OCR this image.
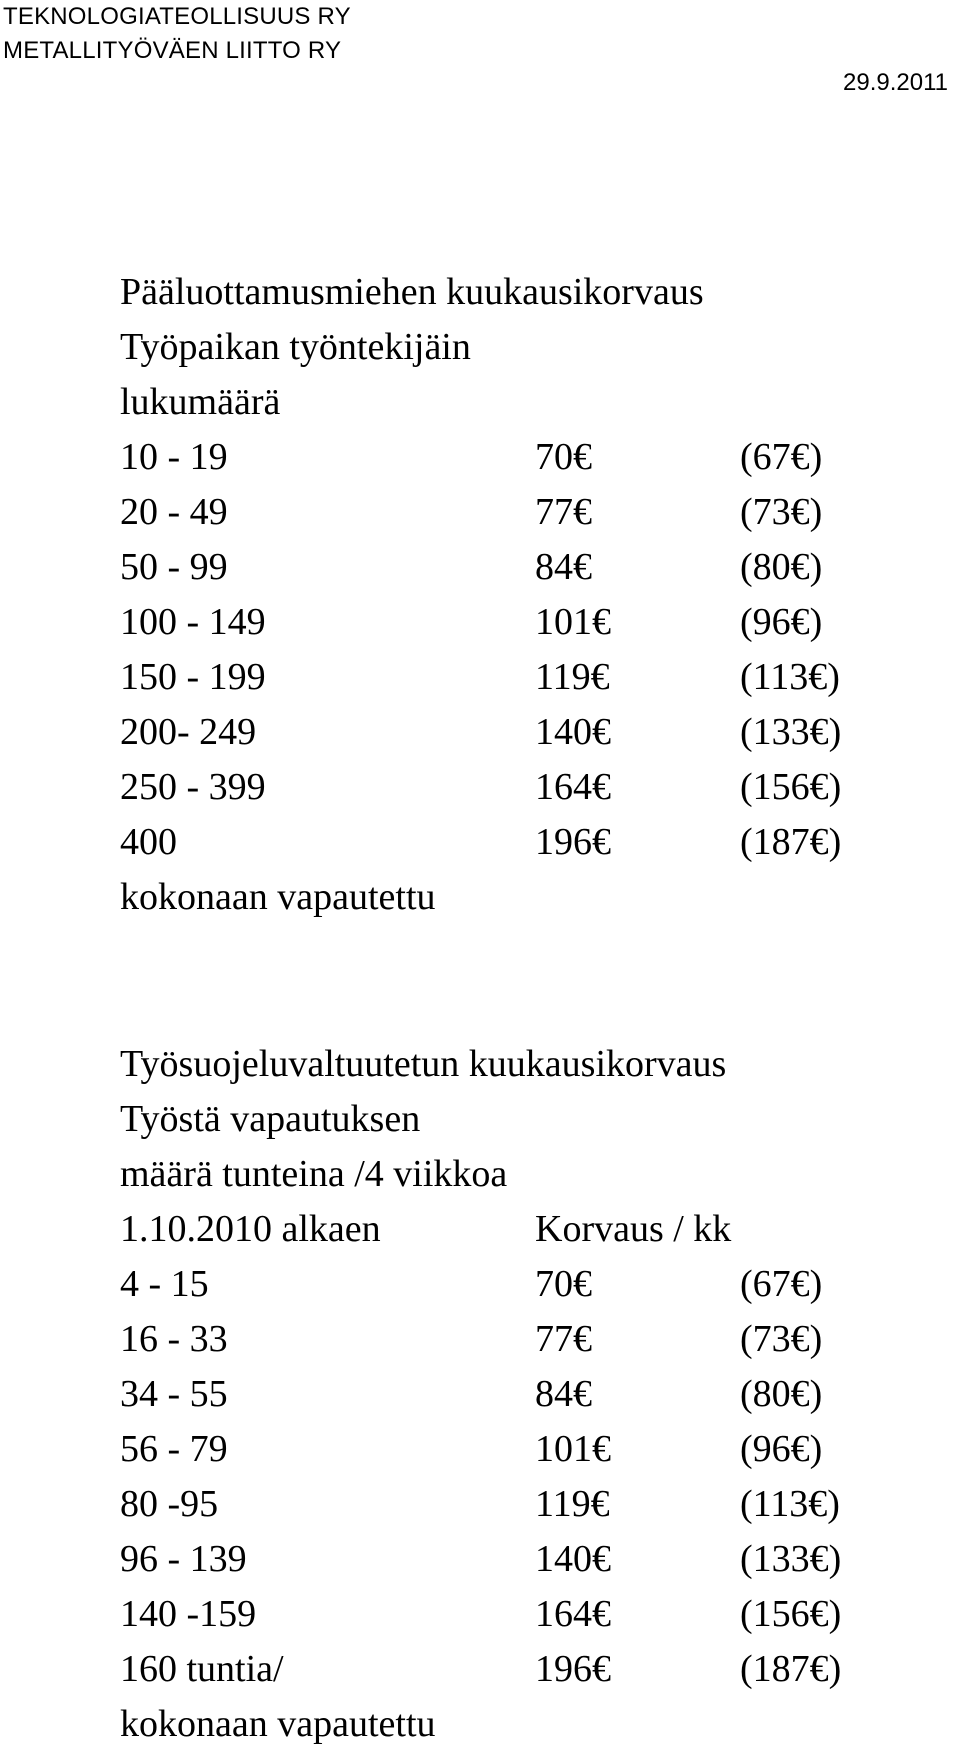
TEKNOLOGIATEOLLISUUS RY
METALLITYÖVÄEN LIITTO RY
29.9.2011
Pääluottamusmiehen kuukausikorvaus
Työpaikan työntekijäin
lukumäärä
10 - 19	70€	(67€)
20 - 49	77€	(73€)
50 - 99	84€	(80€)
100 - 149	101€	(96€)
150 - 199	119€	(113€)
200- 249	140€	(133€)
250 - 399	164€	(156€)
400	196€	(187€)
kokonaan vapautettu
Työsuojeluvaltuutetun kuukausikorvaus
Työstä vapautuksen
määrä tunteina /4 viikkoa
1.10.2010 alkaen	Korvaus / kk
4 - 15	70€	(67€)
16 - 33	77€	(73€)
34 - 55	84€	(80€)
56 - 79	101€	(96€)
80 -95	119€	(113€)
96 - 139	140€	(133€)
140 -159	164€	(156€)
160 tuntia/	196€	(187€)
kokonaan vapautettu
